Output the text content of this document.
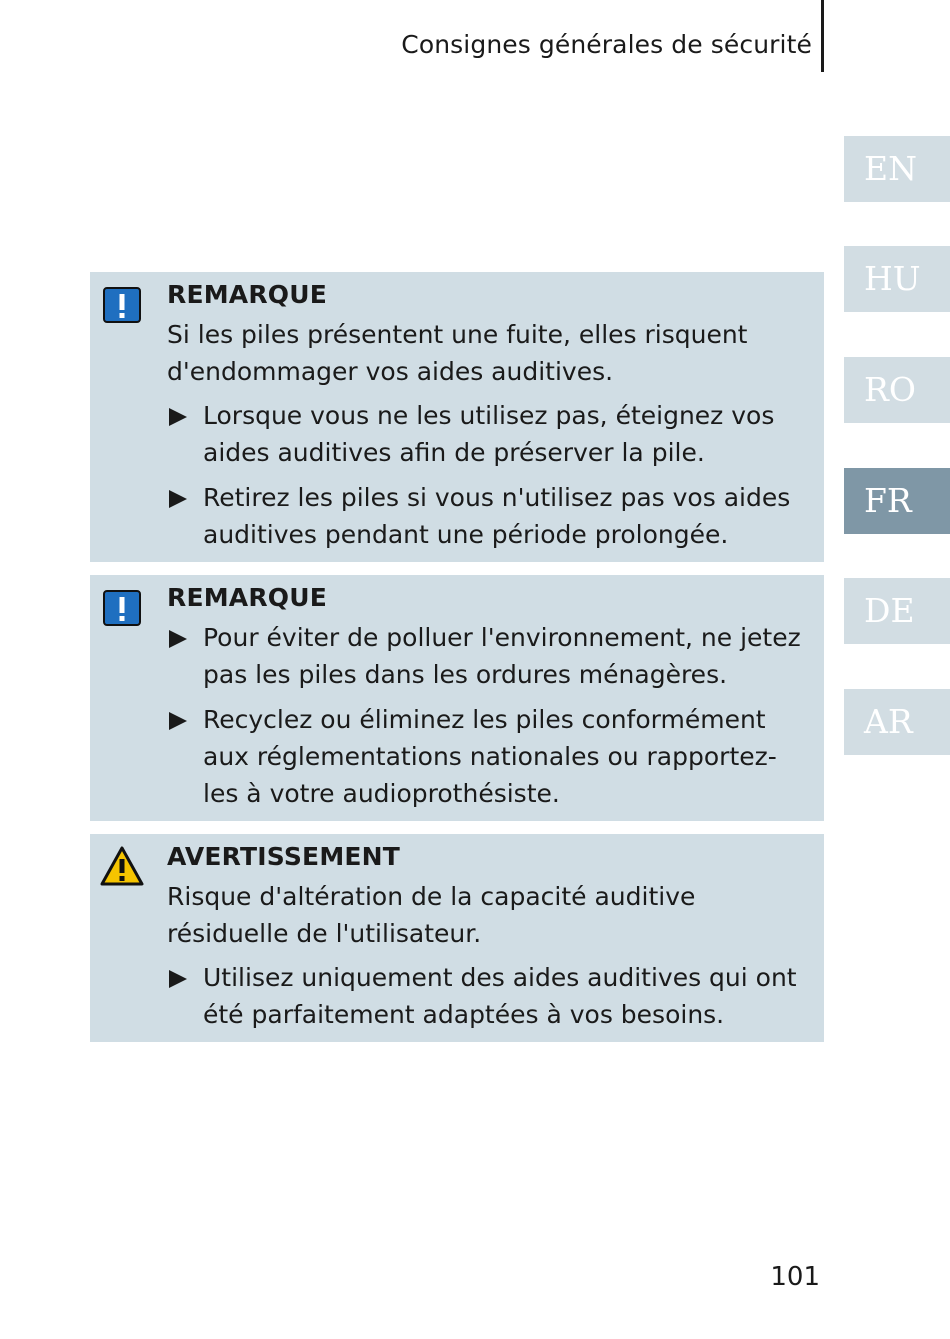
Consignes générales de sécurité
EN
HU
RO
FR
DE
AR
REMARQUE
Si les piles présentent une fuite, elles risquent d'endommager vos aides auditives.
Lorsque vous ne les utilisez pas, éteignez vos aides auditives afin de préserver la pile.
Retirez les piles si vous n'utilisez pas vos aides auditives pendant une période prolongée.
REMARQUE
Pour éviter de polluer l'environnement, ne jetez pas les piles dans les ordures ménagères.
Recyclez ou éliminez les piles conformément aux réglementations nationales ou rapportez-les à votre audioprothésiste.
AVERTISSEMENT
Risque d'altération de la capacité auditive résiduelle de l'utilisateur.
Utilisez uniquement des aides auditives qui ont été parfaitement adaptées à vos besoins.
101
